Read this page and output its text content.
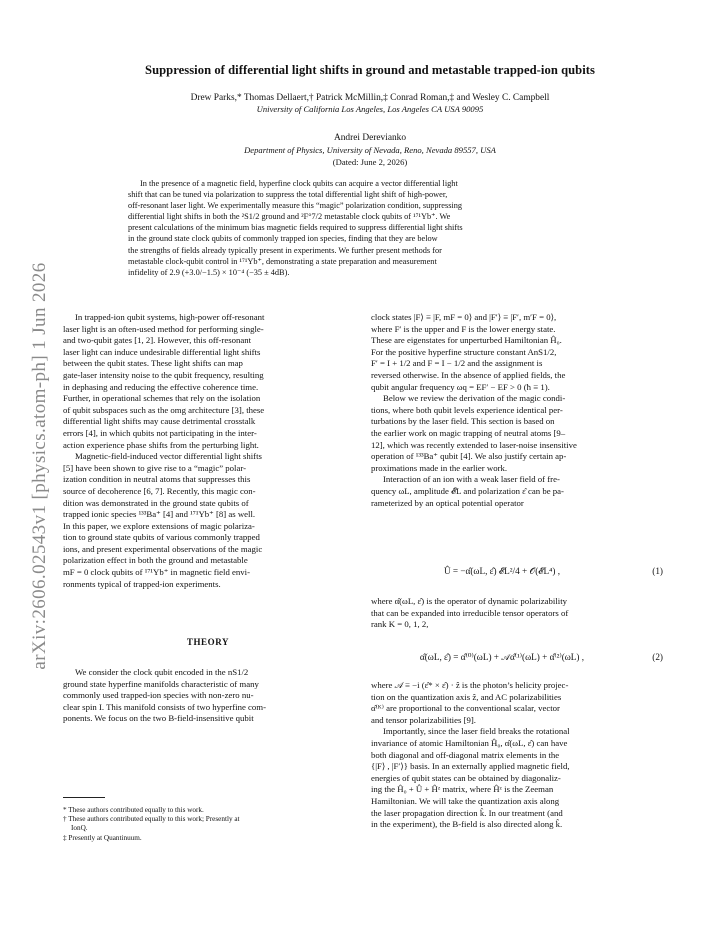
arXiv:2606.02543v1 [physics.atom-ph] 1 Jun 2026
Suppression of differential light shifts in ground and metastable trapped-ion qubits
Drew Parks,* Thomas Dellaert,† Patrick McMillin,‡ Conrad Roman,‡ and Wesley C. Campbell
University of California Los Angeles, Los Angeles CA USA 90095
Andrei Derevianko
Department of Physics, University of Nevada, Reno, Nevada 89557, USA
(Dated: June 2, 2026)
In the presence of a magnetic field, hyperfine clock qubits can acquire a vector differential light
shift that can be tuned via polarization to suppress the total differential light shift of high-power,
off-resonant laser light. We experimentally measure this “magic” polarization condition, suppressing
differential light shifts in both the ²S1/2 ground and ²F°7/2 metastable clock qubits of ¹⁷¹Yb⁺. We
present calculations of the minimum bias magnetic fields required to suppress differential light shifts
in the ground state clock qubits of commonly trapped ion species, finding that they are below
the strengths of fields already typically present in experiments. We further present methods for
metastable clock-qubit control in ¹⁷¹Yb⁺, demonstrating a state preparation and measurement
infidelity of 2.9 (+3.0/−1.5) × 10⁻⁴ (−35 ± 4dB).
In trapped-ion qubit systems, high-power off-resonant
laser light is an often-used method for performing single-
and two-qubit gates [1, 2]. However, this off-resonant
laser light can induce undesirable differential light shifts
between the qubit states. These light shifts can map
gate-laser intensity noise to the qubit frequency, resulting
in dephasing and reducing the effective coherence time.
Further, in operational schemes that rely on the isolation
of qubit subspaces such as the omg architecture [3], these
differential light shifts may cause detrimental crosstalk
errors [4], in which qubits not participating in the inter-
action experience phase shifts from the perturbing light.
Magnetic-field-induced vector differential light shifts
[5] have been shown to give rise to a “magic” polar-
ization condition in neutral atoms that suppresses this
source of decoherence [6, 7]. Recently, this magic con-
dition was demonstrated in the ground state qubits of
trapped ionic species ¹³³Ba⁺ [4] and ¹⁷¹Yb⁺ [8] as well.
In this paper, we explore extensions of magic polariza-
tion to ground state qubits of various commonly trapped
ions, and present experimental observations of the magic
polarization effect in both the ground and metastable
mF = 0 clock qubits of ¹⁷¹Yb⁺ in magnetic field envi-
ronments typical of trapped-ion experiments.
THEORY
We consider the clock qubit encoded in the nS1/2
ground state hyperfine manifolds characteristic of many
commonly used trapped-ion species with non-zero nu-
clear spin I. This manifold consists of two hyperfine com-
ponents. We focus on the two B-field-insensitive qubit
* These authors contributed equally to this work.
† These authors contributed equally to this work; Presently at
IonQ.
‡ Presently at Quantinuum.
clock states |F⟩ ≡ |F, mF = 0⟩ and |F′⟩ ≡ |F′, m′F = 0⟩,
where F′ is the upper and F is the lower energy state.
These are eigenstates for unperturbed Hamiltonian Ĥ₀.
For the positive hyperfine structure constant AnS1/2,
F′ = I + 1/2 and F = I − 1/2 and the assignment is
reversed otherwise. In the absence of applied fields, the
qubit angular frequency ωq = EF′ − EF > 0 (ħ ≡ 1).
Below we review the derivation of the magic condi-
tions, where both qubit levels experience identical per-
turbations by the laser field. This section is based on
the earlier work on magic trapping of neutral atoms [9–
12], which was recently extended to laser-noise insensitive
operation of ¹³³Ba⁺ qubit [4]. We also justify certain ap-
proximations made in the earlier work.
Interaction of an ion with a weak laser field of fre-
quency ωL, amplitude 𝓔L and polarization ε̂ can be pa-
rameterized by an optical potential operator
Û = −α̂(ωL, ε̂) 𝓔L²/4 + 𝒪(𝓔L⁴) ,	(1)
where α̂(ωL, ε̂) is the operator of dynamic polarizability
that can be expanded into irreducible tensor operators of
rank K = 0, 1, 2,
α̂(ωL, ε̂) = α̂⁽⁰⁾(ωL) + 𝒜α̂⁽¹⁾(ωL) + α̂⁽²⁾(ωL) ,	(2)
where 𝒜 ≡ −i (ε̂* × ε̂) · ẑ is the photon’s helicity projec-
tion on the quantization axis ẑ, and AC polarizabilities
α̂⁽ᴷ⁾ are proportional to the conventional scalar, vector
and tensor polarizabilities [9].
Importantly, since the laser field breaks the rotational
invariance of atomic Hamiltonian Ĥ₀, α̂(ωL, ε̂) can have
both diagonal and off-diagonal matrix elements in the
{|F⟩ , |F′⟩} basis. In an externally applied magnetic field,
energies of qubit states can be obtained by diagonaliz-
ing the Ĥ₀ + Û + Ĥᶻ matrix, where Ĥᶻ is the Zeeman
Hamiltonian. We will take the quantization axis along
the laser propagation direction k̂. In our treatment (and
in the experiment), the B-field is also directed along k̂.
